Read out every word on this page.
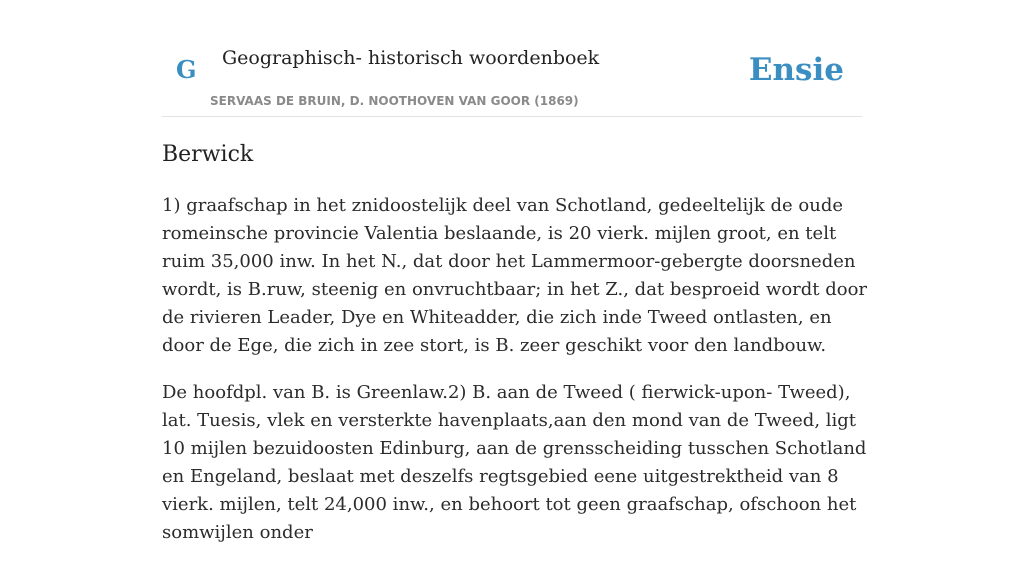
G Geographisch- historisch woordenboek
SERVAAS DE BRUIN, D. NOOTHOVEN VAN GOOR (1869)
Ensie
Berwick

1) graafschap in het znidoostelijk deel van Schotland, gedeeltelijk de oude romeinsche provincie Valentia beslaande, is 20 vierk. mijlen groot, en telt ruim 35,000 inw. In het N., dat door het Lammermoor-gebergte doorsneden wordt, is B.ruw, steenig en onvruchtbaar; in het Z., dat besproeid wordt door de rivieren Leader, Dye en Whiteadder, die zich inde Tweed ontlasten, en door de Ege, die zich in zee stort, is B. zeer geschikt voor den landbouw.

De hoofdpl. van B. is Greenlaw.2) B. aan de Tweed ( fierwick-upon- Tweed), lat. Tuesis, vlek en versterkte havenplaats,aan den mond van de Tweed, ligt 10 mijlen bezuidoosten Edinburg, aan de grensscheiding tusschen Schotland en Engeland, beslaat met deszelfs regtsgebied eene uitgestrektheid van 8 vierk. mijlen, telt 24,000 inw., en behoort tot geen graafschap, ofschoon het somwijlen onder
